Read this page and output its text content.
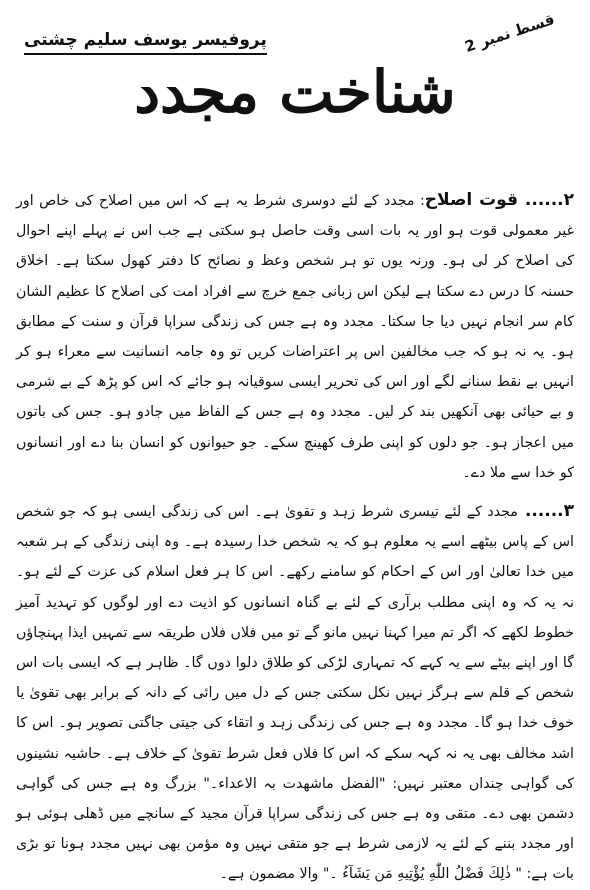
قسط نمبر 2
پروفیسر یوسف سلیم چشتی
شناخت مجدد

۲...... قوت اصلاح: مجدد کے لئے دوسری شرط یہ ہے کہ اس میں اصلاح کی خاص اور غیر معمولی قوت ہو اور یہ بات اسی وقت حاصل ہو سکتی ہے جب اس نے پہلے اپنے احوال کی اصلاح کر لی ہو۔ ورنہ یوں تو ہر شخص وعظ و نصائح کا دفتر کھول سکتا ہے۔ اخلاق حسنہ کا درس دے سکتا ہے لیکن اس زبانی جمع خرچ سے افراد امت کی اصلاح کا عظیم الشان کام سر انجام نہیں دیا جا سکتا۔ مجدد وہ ہے جس کی زندگی سراپا قرآن و سنت کے مطابق ہو۔ یہ نہ ہو کہ جب مخالفین اس پر اعتراضات کریں تو وہ جامہ انسانیت سے معراء ہو کر انہیں بے نقط سنانے لگے اور اس کی تحریر ایسی سوقیانہ ہو جائے کہ اس کو پڑھ کے بے شرمی و بے حیائی بھی آنکھیں بند کر لیں۔ مجدد وہ ہے جس کے الفاظ میں جادو ہو۔ جس کی باتوں میں اعجاز ہو۔ جو دلوں کو اپنی طرف کھینچ سکے۔ جو حیوانوں کو انسان بنا دے اور انسانوں کو خدا سے ملا دے۔

۳...... مجدد کے لئے تیسری شرط زہد و تقویٰ ہے۔ اس کی زندگی ایسی ہو کہ جو شخص اس کے پاس بیٹھے اسے یہ معلوم ہو کہ یہ شخص خدا رسیدہ ہے۔ وہ اپنی زندگی کے ہر شعبہ میں خدا تعالیٰ اور اس کے احکام کو سامنے رکھے۔ اس کا ہر فعل اسلام کی عزت کے لئے ہو۔ نہ یہ کہ وہ اپنی مطلب برآری کے لئے بے گناہ انسانوں کو اذیت دے اور لوگوں کو تہدید آمیز خطوط لکھے کہ اگر تم میرا کہنا نہیں مانو گے تو میں فلاں فلاں طریقہ سے تمہیں ایذا پہنچاؤں گا اور اپنے بیٹے سے یہ کہے کہ تمہاری لڑکی کو طلاق دلوا دوں گا۔ ظاہر ہے کہ ایسی بات اس شخص کے قلم سے ہرگز نہیں نکل سکتی جس کے دل میں رائی کے دانہ کے برابر بھی تقویٰ یا خوف خدا ہو گا۔ مجدد وہ ہے جس کی زندگی زہد و اتقاء کی جیتی جاگتی تصویر ہو۔ اس کا اشد مخالف بھی یہ نہ کہہ سکے کہ اس کا فلاں فعل شرط تقویٰ کے خلاف ہے۔ حاشیہ نشینوں کی گواہی چنداں معتبر نہیں: "الفضل ماشھدت بہ الاعداء۔" بزرگ وہ ہے جس کی گواہی دشمن بھی دے۔ متقی وہ ہے جس کی زندگی سراپا قرآن مجید کے سانچے میں ڈھلی ہوئی ہو اور مجدد بننے کے لئے یہ لازمی شرط ہے جو متقی نہیں وہ مؤمن بھی نہیں مجدد ہونا تو بڑی بات ہے: " ذٰلِكَ فَضْلُ اللّٰهِ يُؤْتِيهِ مَن يَشَآءُ ۔" والا مضمون ہے۔
